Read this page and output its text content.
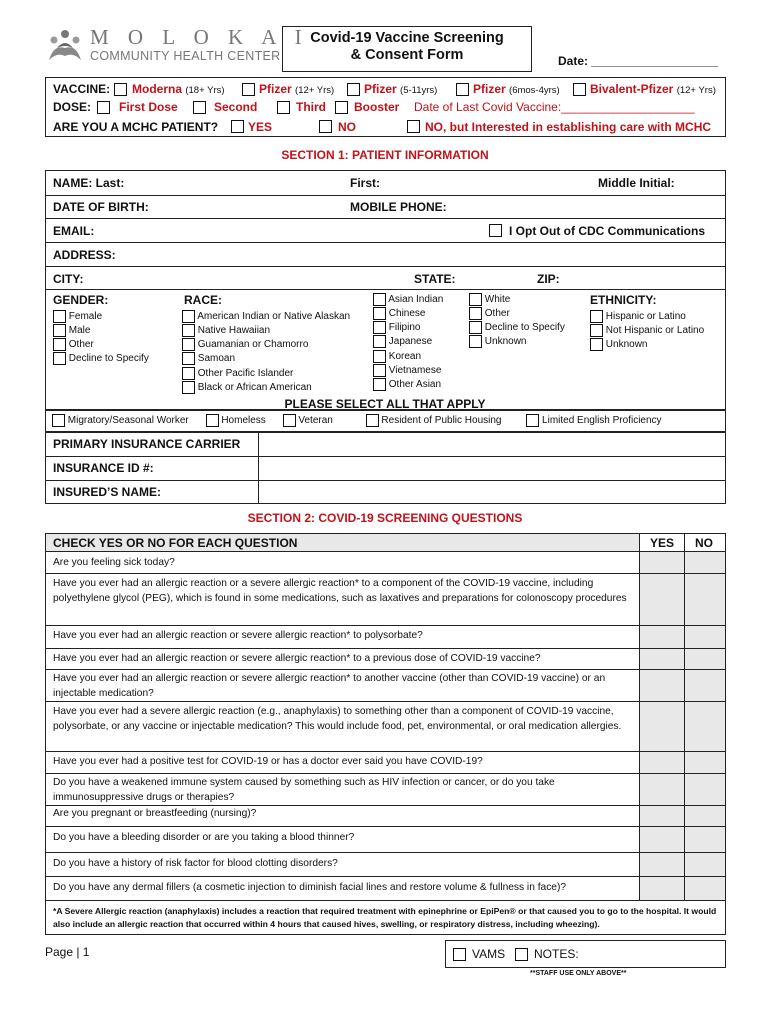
M O L O K A I
COMMUNITY HEALTH CENTER
Covid-19 Vaccine Screening
& Consent Form	Date: ___________________
VACCINE: Moderna (18+ Yrs)	Pfizer (12+ Yrs) Pfizer (5-11yrs)	Pfizer (6mos-4yrs)	Bivalent-Pfizer (12+ Yrs)
DOSE: First Dose	Second	Third Booster Date of Last Covid Vaccine:____________________
ARE YOU A MCHC PATIENT? YES	NO	NO, but Interested in establishing care with MCHC
SECTION 1: PATIENT INFORMATION
NAME: Last:	First:	Middle Initial:
DATE OF BIRTH:	MOBILE PHONE:
EMAIL:	I Opt Out of CDC Communications
ADDRESS:
CITY:	STATE:	ZIP:
GENDER:
Female
Male
Other
Decline to Specify
RACE:
American Indian or Native Alaskan
Native Hawaiian
Guamanian or Chamorro
Samoan
Other Pacific Islander
Black or African American
Asian Indian
Chinese
Filipino
Japanese
Korean
Vietnamese
Other Asian
White
Other
Decline to Specify
Unknown
ETHNICITY:
Hispanic or Latino
Not Hispanic or Latino
Unknown
PLEASE SELECT ALL THAT APPLY
Migratory/Seasonal Worker	Homeless	Veteran	Resident of Public Housing	Limited English Proficiency
PRIMARY INSURANCE CARRIER
INSURANCE ID #:
INSURED’S NAME:
SECTION 2: COVID-19 SCREENING QUESTIONS
CHECK YES OR NO FOR EACH QUESTION	YES NO
Are you feeling sick today?
Have you ever had an allergic reaction or a severe allergic reaction* to a component of the COVID-19 vaccine, including polyethylene glycol (PEG), which is found in some medications, such as laxatives and preparations for colonoscopy procedures
Have you ever had an allergic reaction or severe allergic reaction* to polysorbate?
Have you ever had an allergic reaction or severe allergic reaction* to a previous dose of COVID-19 vaccine?
Have you ever had an allergic reaction or severe allergic reaction* to another vaccine (other than COVID-19 vaccine) or an injectable medication?
Have you ever had a severe allergic reaction (e.g., anaphylaxis) to something other than a component of COVID-19 vaccine, polysorbate, or any vaccine or injectable medication? This would include food, pet, environmental, or oral medication allergies.
Have you ever had a positive test for COVID-19 or has a doctor ever said you have COVID-19?
Do you have a weakened immune system caused by something such as HIV infection or cancer, or do you take immunosuppressive drugs or therapies?
Are you pregnant or breastfeeding (nursing)?
Do you have a bleeding disorder or are you taking a blood thinner?
Do you have a history of risk factor for blood clotting disorders?
Do you have any dermal fillers (a cosmetic injection to diminish facial lines and restore volume & fullness in face)?
*A Severe Allergic reaction (anaphylaxis) includes a reaction that required treatment with epinephrine or EpiPen® or that caused you to go to the hospital. It would also include an allergic reaction that occurred within 4 hours that caused hives, swelling, or respiratory distress, including wheezing).
Page | 1	VAMS NOTES:
**STAFF USE ONLY ABOVE**
